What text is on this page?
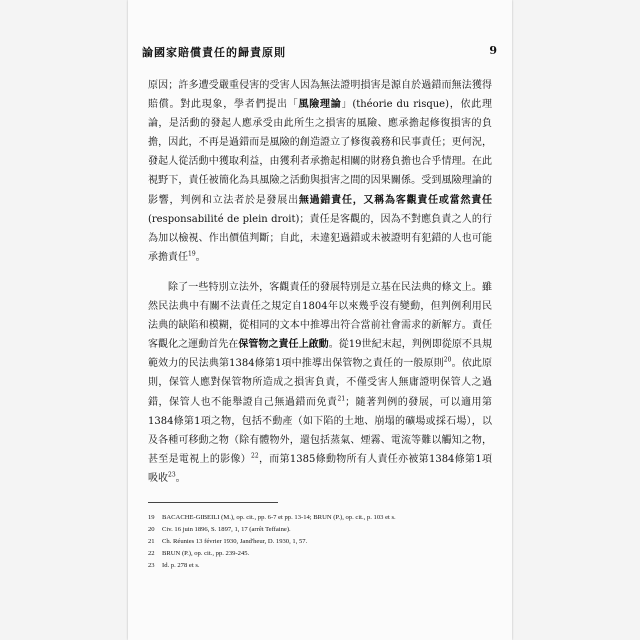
論國家賠償責任的歸責原則	9

原因；許多遭受嚴重侵害的受害人因為無法證明損害是源自於過錯而無法獲得賠償。對此現象，學者們提出「風險理論」(théorie du risque)，依此理論，是活動的發起人應承受由此所生之損害的風險、應承擔起修復損害的負擔，因此，不再是過錯而是風險的創造證立了修復義務和民事責任；更何況，發起人從活動中獲取利益，由獲利者承擔起相關的財務負擔也合乎情理。在此視野下，責任被簡化為具風險之活動與損害之間的因果關係。受到風險理論的影響，判例和立法者於是發展出無過錯責任，又稱為客觀責任或當然責任(responsabilité de plein droit)；責任是客觀的，因為不對應負責之人的行為加以檢視、作出價值判斷；自此，未違犯過錯或未被證明有犯錯的人也可能承擔責任$^{19}$。

除了一些特別立法外，客觀責任的發展特別是立基在民法典的條文上。雖然民法典中有關不法責任之規定自1804年以來幾乎沒有變動，但判例利用民法典的缺陷和模糊，從相同的文本中推導出符合當前社會需求的新解方。責任客觀化之運動首先在保管物之責任上啟動。從19世紀末起，判例即從原不具規範效力的民法典第1384條第1項中推導出保管物之責任的一般原則$^{20}$。依此原則，保管人應對保管物所造成之損害負責，不僅受害人無庸證明保管人之過錯，保管人也不能舉證自己無過錯而免責$^{21}$；隨著判例的發展，可以適用第1384條第1項之物，包括不動產（如下陷的土地、崩塌的礦場或採石場），以及各種可移動之物（除有體物外，還包括蒸氣、煙霧、電流等難以觸知之物，甚至是電視上的影像）$^{22}$，而第1385條動物所有人責任亦被第1384條第1項吸收$^{23}$。

19 BACACHE-GIBEILI (M.), op. cit., pp. 6-7 et pp. 13-14; BRUN (P.), op. cit., p. 103 et s.
20 Civ. 16 juin 1896, S. 1897, 1, 17 (arrêt Teffaine).
21 Ch. Réunies 13 février 1930, Jand'heur, D. 1930, 1, 57.
22 BRUN (P.), op. cit., pp. 239-245.
23 Id. p. 278 et s.
